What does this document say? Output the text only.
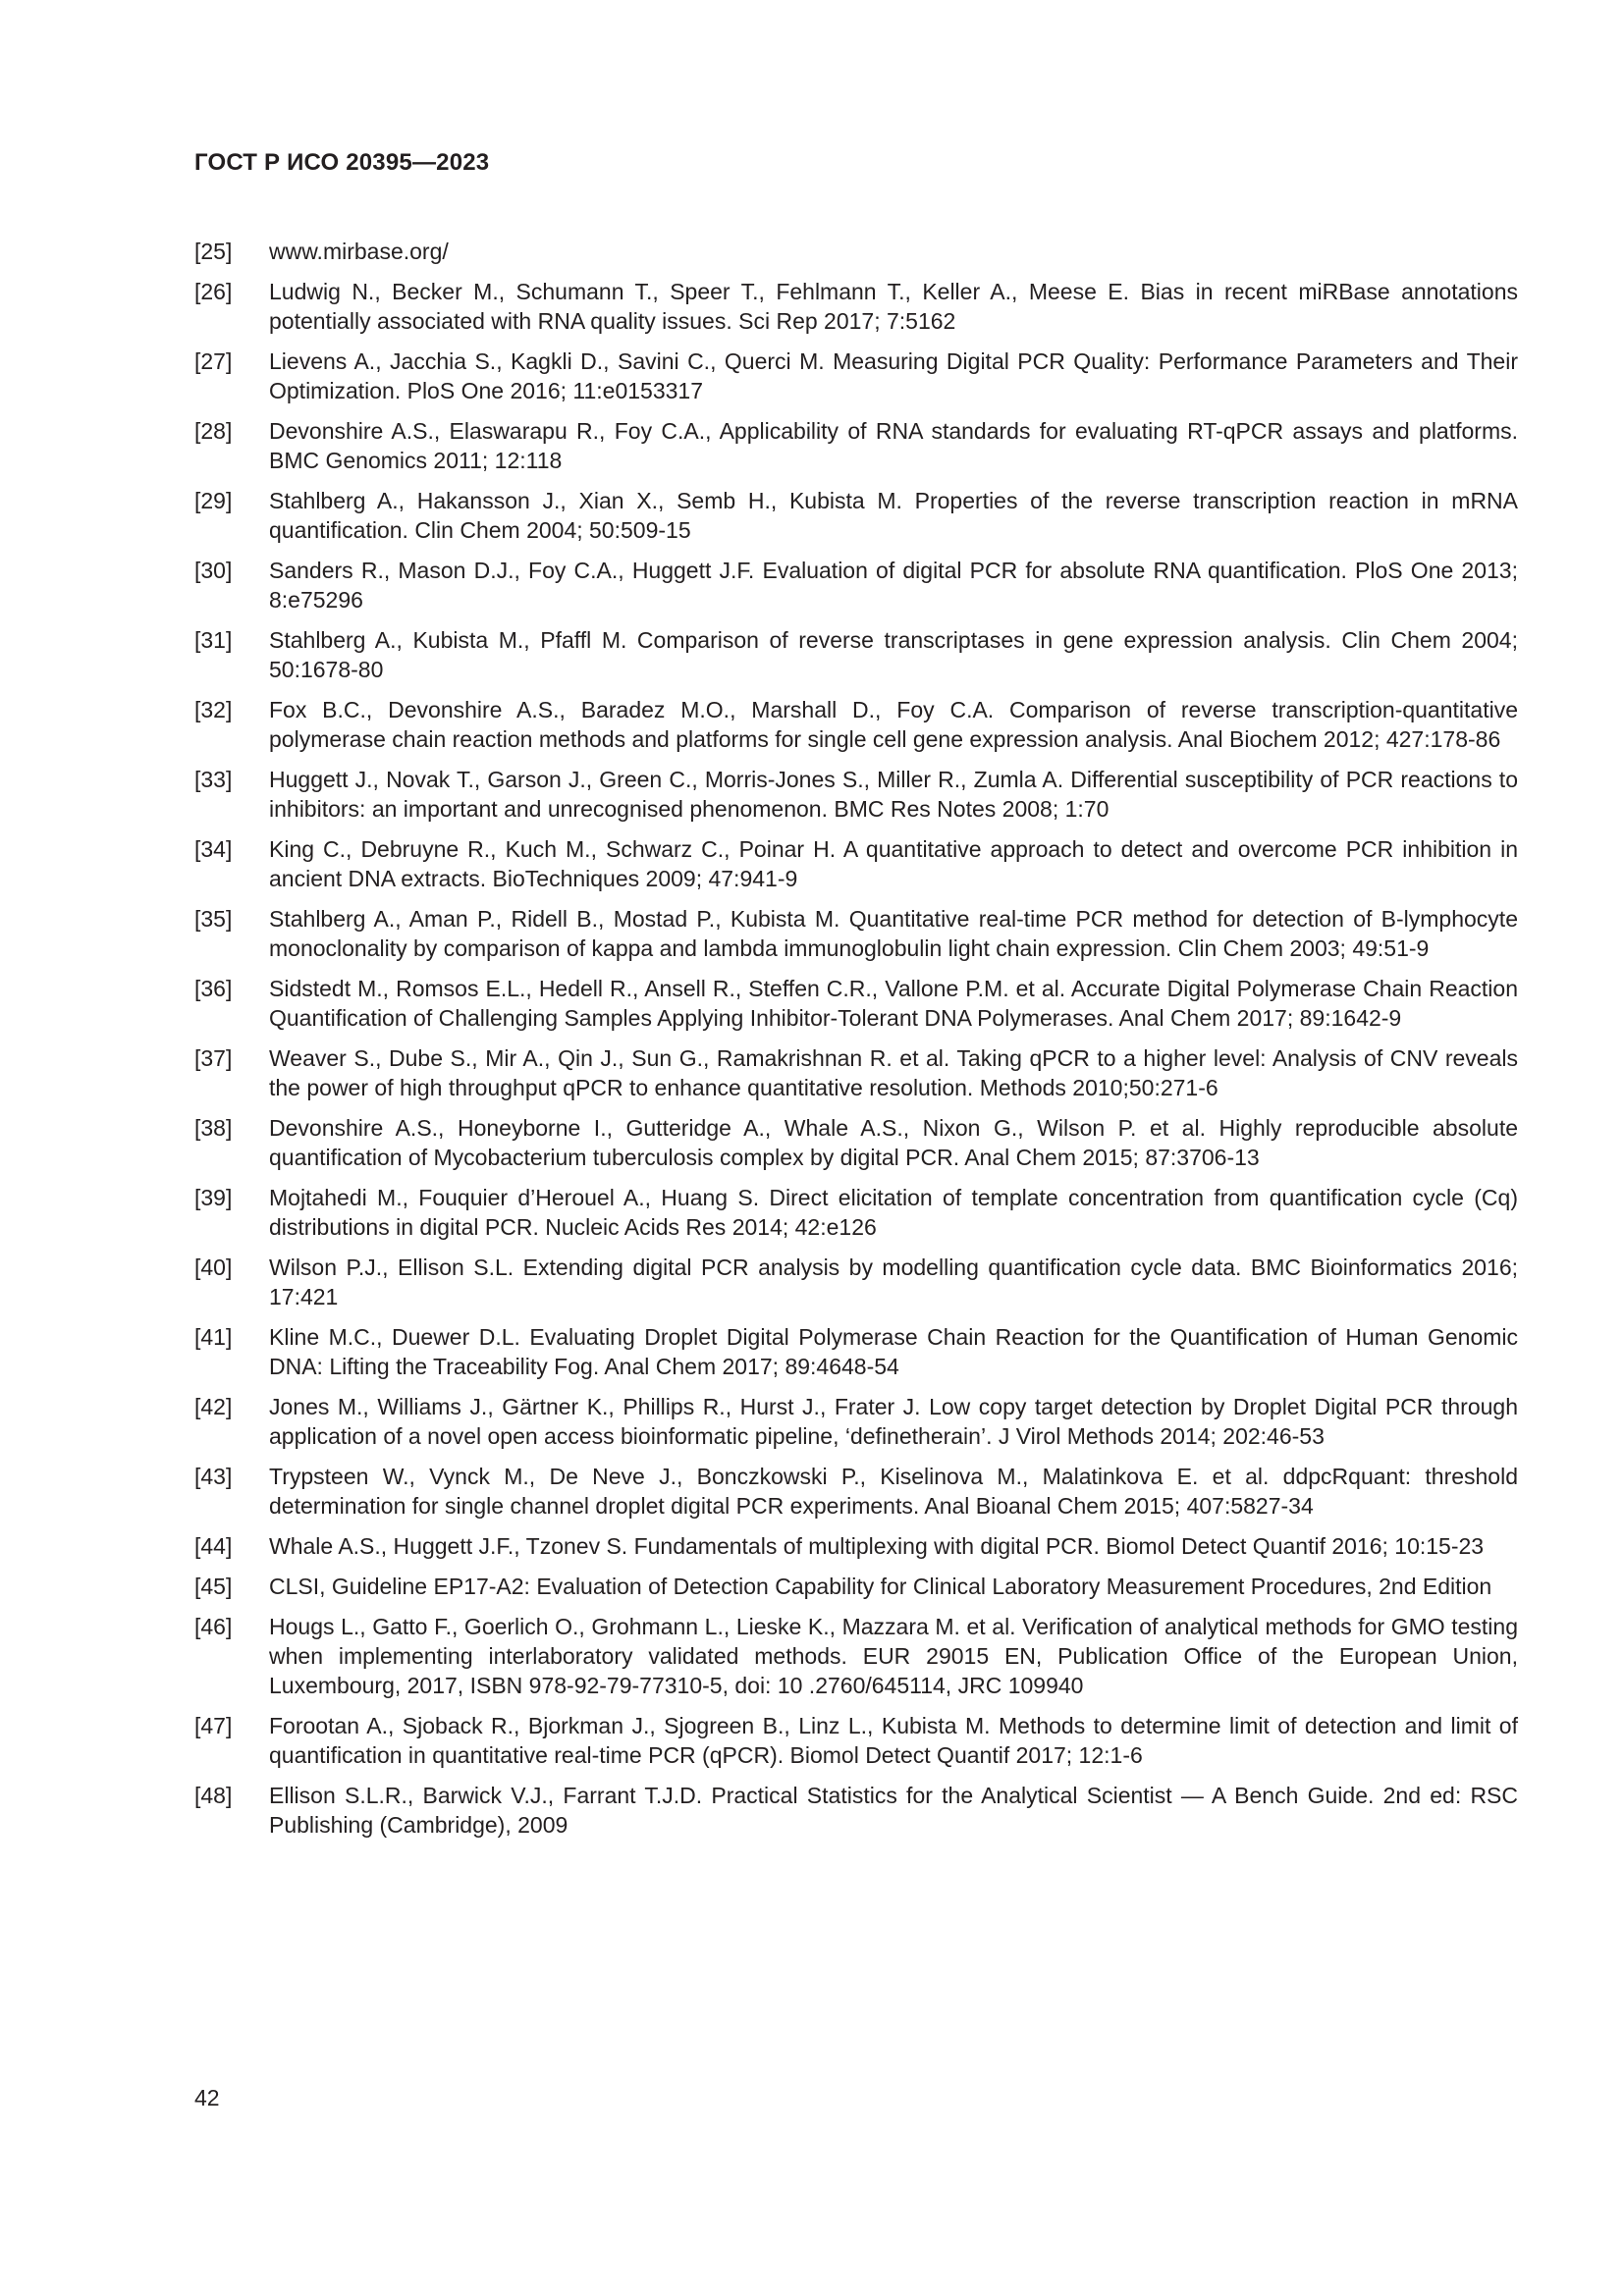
ГОСТ Р ИСО 20395—2023
[25]	www.mirbase.org/
[26]	Ludwig N., Becker M., Schumann T., Speer T., Fehlmann T., Keller A., Meese E. Bias in recent miRBase annotations potentially associated with RNA quality issues. Sci Rep 2017; 7:5162
[27]	Lievens A., Jacchia S., Kagkli D., Savini C., Querci M. Measuring Digital PCR Quality: Performance Parameters and Their Optimization. PloS One 2016; 11:e0153317
[28]	Devonshire A.S., Elaswarapu R., Foy C.A., Applicability of RNA standards for evaluating RT-qPCR assays and platforms. BMC Genomics 2011; 12:118
[29]	Stahlberg A., Hakansson J., Xian X., Semb H., Kubista M. Properties of the reverse transcription reaction in mRNA quantification. Clin Chem 2004; 50:509-15
[30]	Sanders R., Mason D.J., Foy C.A., Huggett J.F. Evaluation of digital PCR for absolute RNA quantification. PloS One 2013; 8:e75296
[31]	Stahlberg A., Kubista M., Pfaffl M. Comparison of reverse transcriptases in gene expression analysis. Clin Chem 2004; 50:1678-80
[32]	Fox B.C., Devonshire A.S., Baradez M.O., Marshall D., Foy C.A. Comparison of reverse transcription-quantitative polymerase chain reaction methods and platforms for single cell gene expression analysis. Anal Biochem 2012; 427:178-86
[33]	Huggett J., Novak T., Garson J., Green C., Morris-Jones S., Miller R., Zumla A. Differential susceptibility of PCR reactions to inhibitors: an important and unrecognised phenomenon. BMC Res Notes 2008; 1:70
[34]	King C., Debruyne R., Kuch M., Schwarz C., Poinar H. A quantitative approach to detect and overcome PCR inhibition in ancient DNA extracts. BioTechniques 2009; 47:941-9
[35]	Stahlberg A., Aman P., Ridell B., Mostad P., Kubista M. Quantitative real-time PCR method for detection of B-lymphocyte monoclonality by comparison of kappa and lambda immunoglobulin light chain expression. Clin Chem 2003; 49:51-9
[36]	Sidstedt M., Romsos E.L., Hedell R., Ansell R., Steffen C.R., Vallone P.M. et al. Accurate Digital Polymerase Chain Reaction Quantification of Challenging Samples Applying Inhibitor-Tolerant DNA Polymerases. Anal Chem 2017; 89:1642-9
[37]	Weaver S., Dube S., Mir A., Qin J., Sun G., Ramakrishnan R. et al. Taking qPCR to a higher level: Analysis of CNV reveals the power of high throughput qPCR to enhance quantitative resolution. Methods 2010;50:271-6
[38]	Devonshire A.S., Honeyborne I., Gutteridge A., Whale A.S., Nixon G., Wilson P. et al. Highly reproducible absolute quantification of Mycobacterium tuberculosis complex by digital PCR. Anal Chem 2015; 87:3706-13
[39]	Mojtahedi M., Fouquier d’Herouel A., Huang S. Direct elicitation of template concentration from quantification cycle (Cq) distributions in digital PCR. Nucleic Acids Res 2014; 42:e126
[40]	Wilson P.J., Ellison S.L. Extending digital PCR analysis by modelling quantification cycle data. BMC Bioinformatics 2016; 17:421
[41]	Kline M.C., Duewer D.L. Evaluating Droplet Digital Polymerase Chain Reaction for the Quantification of Human Genomic DNA: Lifting the Traceability Fog. Anal Chem 2017; 89:4648-54
[42]	Jones M., Williams J., Gärtner K., Phillips R., Hurst J., Frater J. Low copy target detection by Droplet Digital PCR through application of a novel open access bioinformatic pipeline, ‘definetherain’. J Virol Methods 2014; 202:46-53
[43]	Trypsteen W., Vynck M., De Neve J., Bonczkowski P., Kiselinova M., Malatinkova E. et al. ddpcRquant: threshold determination for single channel droplet digital PCR experiments. Anal Bioanal Chem 2015; 407:5827-34
[44]	Whale A.S., Huggett J.F., Tzonev S. Fundamentals of multiplexing with digital PCR. Biomol Detect Quantif 2016; 10:15-23
[45]	CLSI, Guideline EP17-A2: Evaluation of Detection Capability for Clinical Laboratory Measurement Procedures, 2nd Edition
[46]	Hougs L., Gatto F., Goerlich O., Grohmann L., Lieske K., Mazzara M. et al. Verification of analytical methods for GMO testing when implementing interlaboratory validated methods. EUR 29015 EN, Publication Office of the European Union, Luxembourg, 2017, ISBN 978-92-79-77310-5, doi: 10 .2760/645114, JRC 109940
[47]	Forootan A., Sjoback R., Bjorkman J., Sjogreen B., Linz L., Kubista M. Methods to determine limit of detection and limit of quantification in quantitative real-time PCR (qPCR). Biomol Detect Quantif 2017; 12:1-6
[48]	Ellison S.L.R., Barwick V.J., Farrant T.J.D. Practical Statistics for the Analytical Scientist — A Bench Guide. 2nd ed: RSC Publishing (Cambridge), 2009
42
